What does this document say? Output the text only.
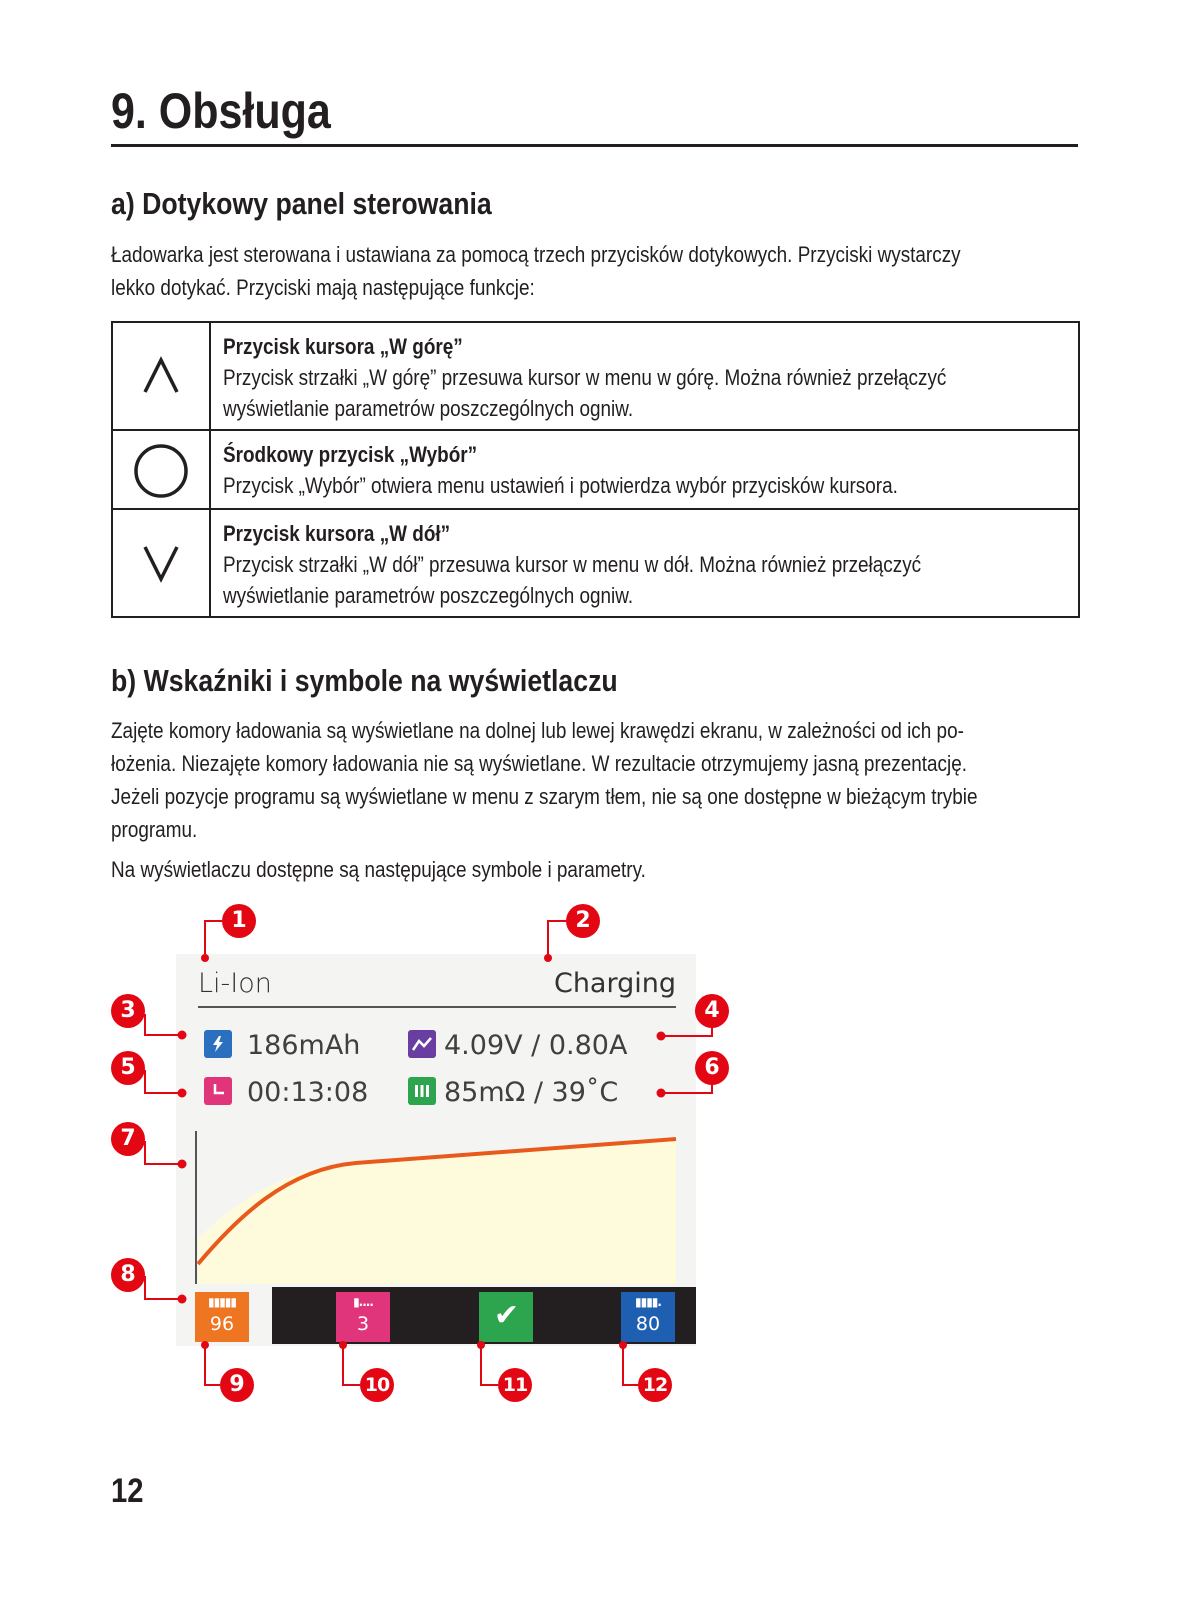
9. Obsługa
a) Dotykowy panel sterowania
Ładowarka jest sterowana i ustawiana za pomocą trzech przycisków dotykowych. Przyciski wystarczy
lekko dotykać. Przyciski mają następujące funkcje:
Przycisk kursora „W górę”
Przycisk strzałki „W górę” przesuwa kursor w menu w górę. Można również przełączyć
wyświetlanie parametrów poszczególnych ogniw.
Środkowy przycisk „Wybór”
Przycisk „Wybór” otwiera menu ustawień i potwierdza wybór przycisków kursora.
Przycisk kursora „W dół”
Przycisk strzałki „W dół” przesuwa kursor w menu w dół. Można również przełączyć
wyświetlanie parametrów poszczególnych ogniw.
b) Wskaźniki i symbole na wyświetlaczu
Zajęte komory ładowania są wyświetlane na dolnej lub lewej krawędzi ekranu, w zależności od ich po-
łożenia. Niezajęte komory ładowania nie są wyświetlane. W rezultacie otrzymujemy jasną prezentację.
Jeżeli pozycje programu są wyświetlane w menu z szarym tłem, nie są one dostępne w bieżącym trybie
programu.
Na wyświetlaczu dostępne są następujące symbole i parametry.
Li-Ion	Charging
186mAh	4.09V / 0.80A
00:13:08	85mΩ / 39˚C
▮▮▮▮▮
96
▮....
3	✔	▮▮▮▮.
80
1	2
3	4
5	6
7
8
9	10	11	12
12
